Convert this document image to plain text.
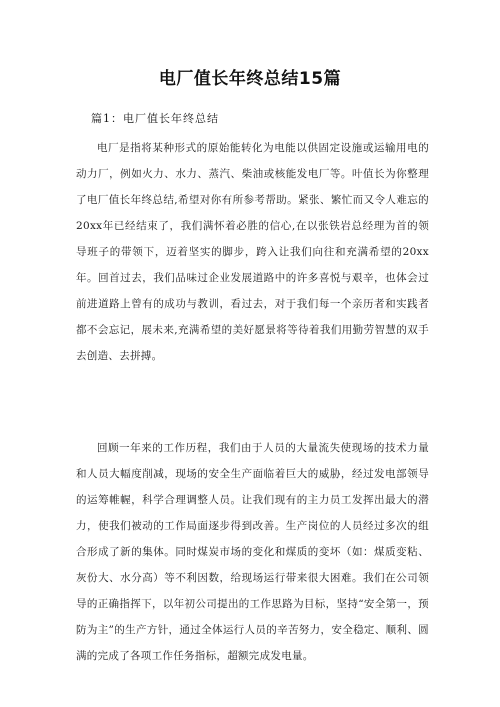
电厂值长年终总结15篇
篇1：电厂值长年终总结

电厂是指将某种形式的原始能转化为电能以供固定设施或运输用电的动力厂，例如火力、水力、蒸汽、柴油或核能发电厂等。叶值长为你整理了电厂值长年终总结,希望对你有所参考帮助。紧张、繁忙而又令人难忘的20xx年已经结束了，我们满怀着必胜的信心,在以张铁岩总经理为首的领导班子的带领下，迈着坚实的脚步，跨入让我们向往和充满希望的20xx年。回首过去，我们品味过企业发展道路中的许多喜悦与艰辛，也体会过前进道路上曾有的成功与教训，看过去，对于我们每一个亲历者和实践者都不会忘记，展未来,充满希望的美好愿景将等待着我们用勤劳智慧的双手去创造、去拼搏。

回顾一年来的工作历程，我们由于人员的大量流失使现场的技术力量和人员大幅度削减，现场的安全生产面临着巨大的威胁，经过发电部领导的运筹帷幄，科学合理调整人员。让我们现有的主力员工发挥出最大的潜力，使我们被动的工作局面逐步得到改善。生产岗位的人员经过多次的组合形成了新的集体。同时煤炭市场的变化和煤质的变坏（如：煤质变粘、灰份大、水分高）等不利因数，给现场运行带来很大困难。我们在公司领导的正确指挥下，以年初公司提出的工作思路为目标，坚持“安全第一，预防为主”的生产方针，通过全体运行人员的辛苦努力，安全稳定、顺利、圆满的完成了各项工作任务指标，超额完成发电量。
